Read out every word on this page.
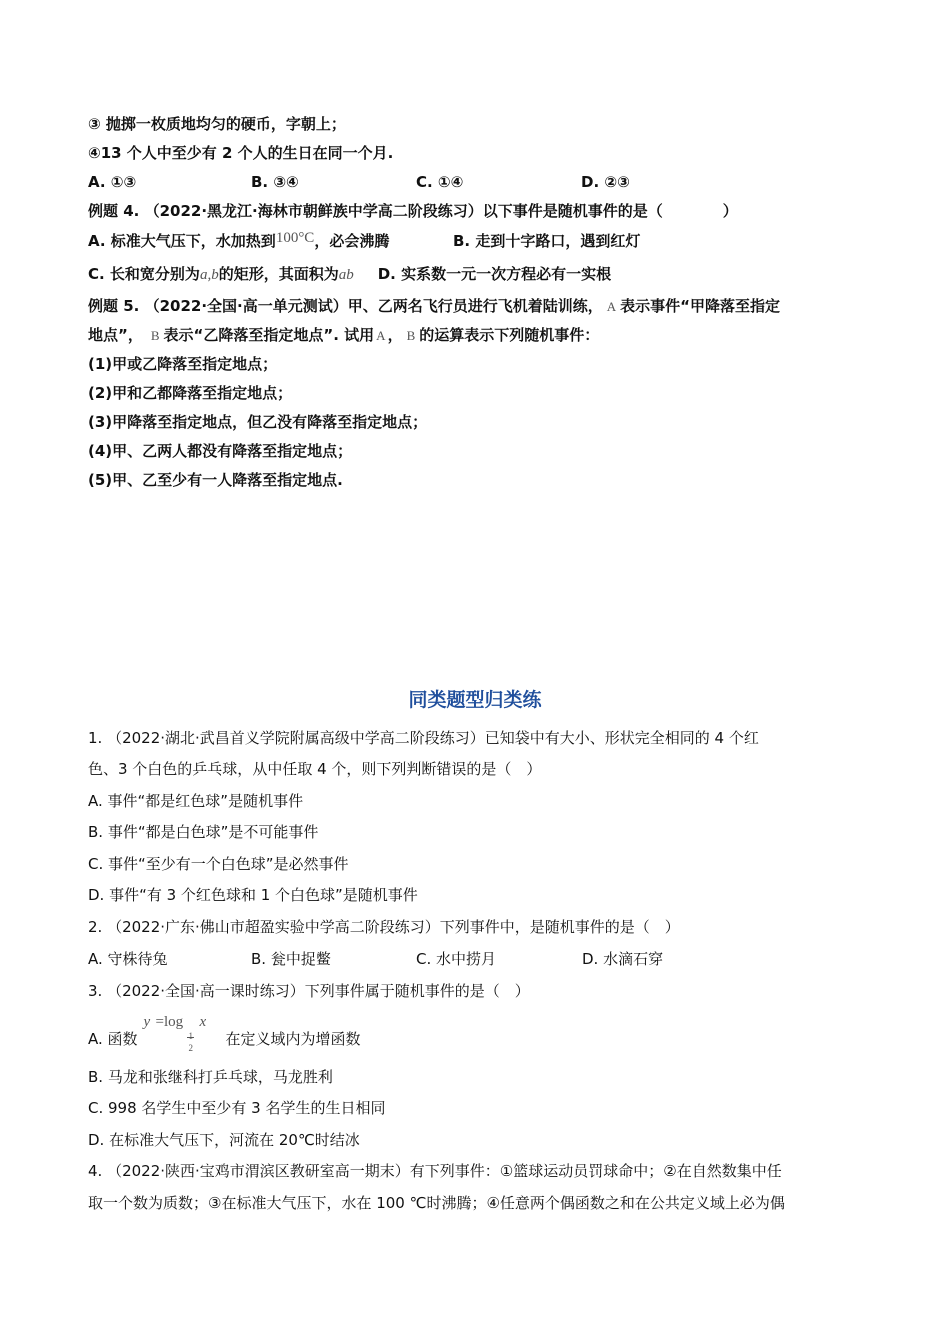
③ 抛掷一枚质地均匀的硬币，字朝上；
④13 个人中至少有 2 个人的生日在同一个月.
A. ①③	B. ③④	C. ①④	D. ②③
例题 4. （2022·黑龙江·海林市朝鲜族中学高二阶段练习）以下事件是随机事件的是（　　　　）
A. 标准大气压下，水加热到100°C，必会沸腾	B. 走到十字路口，遇到红灯
C. 长和宽分别为a,b的矩形，其面积为ab D. 实系数一元一次方程必有一实根
例题 5. （2022·全国·高一单元测试）甲、乙两名飞行员进行飞机着陆训练， A 表示事件“甲降落至指定
地点”， B 表示“乙降落至指定地点”. 试用 A ， B 的运算表示下列随机事件：
(1)甲或乙降落至指定地点；
(2)甲和乙都降落至指定地点；
(3)甲降落至指定地点，但乙没有降落至指定地点；
(4)甲、乙两人都没有降落至指定地点；
(5)甲、乙至少有一人降落至指定地点.
同类题型归类练
1. （2022·湖北·武昌首义学院附属高级中学高二阶段练习）已知袋中有大小、形状完全相同的 4 个红
色、3 个白色的乒乓球，从中任取 4 个，则下列判断错误的是（　）
A. 事件“都是红色球”是随机事件
B. 事件“都是白色球”是不可能事件
C. 事件“至少有一个白色球”是必然事件
D. 事件“有 3 个红色球和 1 个白色球”是随机事件
2. （2022·广东·佛山市超盈实验中学高二阶段练习）下列事件中，是随机事件的是（　）
A. 守株待兔	B. 瓮中捉鳖	C. 水中捞月	D. 水滴石穿
3. （2022·全国·高一课时练习）下列事件属于随机事件的是（　）
A. 函数
y =log
1
2
x
在定义域内为增函数
B. 马龙和张继科打乒乓球，马龙胜利
C. 998 名学生中至少有 3 名学生的生日相同
D. 在标准大气压下，河流在 20℃时结冰
4. （2022·陕西·宝鸡市渭滨区教研室高一期末）有下列事件：①篮球运动员罚球命中；②在自然数集中任
取一个数为质数；③在标准大气压下，水在 100 ℃时沸腾；④任意两个偶函数之和在公共定义域上必为偶
